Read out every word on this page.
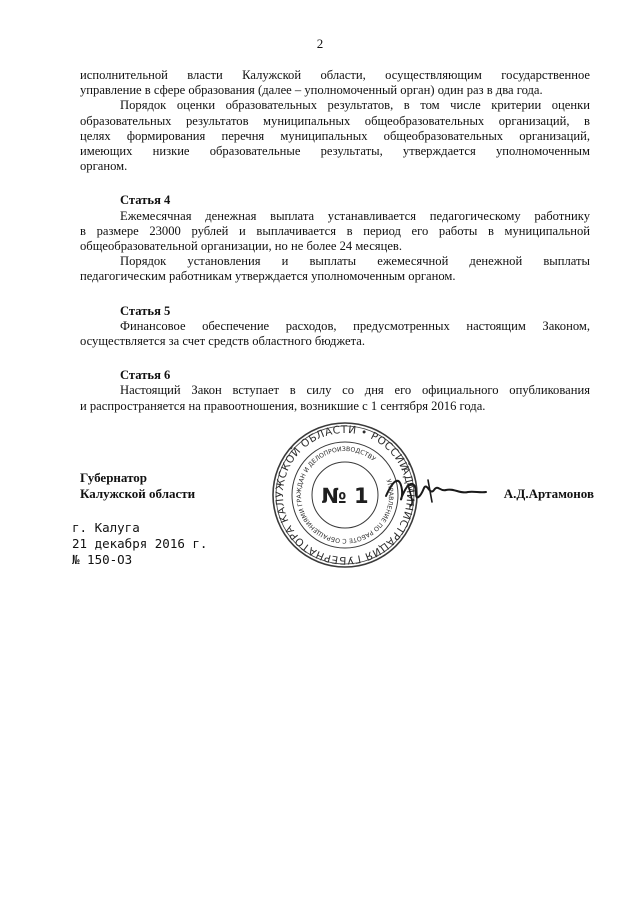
2

исполнительной власти Калужской области, осуществляющим государственное
управление в сфере образования (далее – уполномоченный орган) один раз в два года.

Порядок оценки образовательных результатов, в том числе критерии оценки
образовательных результатов муниципальных общеобразовательных организаций, в
целях формирования перечня муниципальных общеобразовательных организаций,
имеющих низкие образовательные результаты, утверждается уполномоченным
органом.

Статья 4

Ежемесячная денежная выплата устанавливается педагогическому работнику
в размере 23000 рублей и выплачивается в период его работы в муниципальной
общеобразовательной организации, но не более 24 месяцев.

Порядок установления и выплаты ежемесячной денежной выплаты
педагогическим работникам утверждается уполномоченным органом.

Статья 5

Финансовое обеспечение расходов, предусмотренных настоящим Законом,
осуществляется за счет средств областного бюджета.

Статья 6

Настоящий Закон вступает в силу со дня его официального опубликования
и распространяется на правоотношения, возникшие с 1 сентября 2016 года.

Губернатор
Калужской области
АДМИНИСТРАЦИЯ ГУБЕРНАТОРА КАЛУЖСКОЙ ОБЛАСТИ • РОССИЙСКАЯ
УПРАВЛЕНИЕ ПО РАБОТЕ С ОБРАЩЕНИЯМИ ГРАЖДАН И ДЕЛОПРОИЗВОДСТВУ
№ 1	А.Д.Артамонов
г. Калуга
21 декабря 2016 г.
№ 150-ОЗ
